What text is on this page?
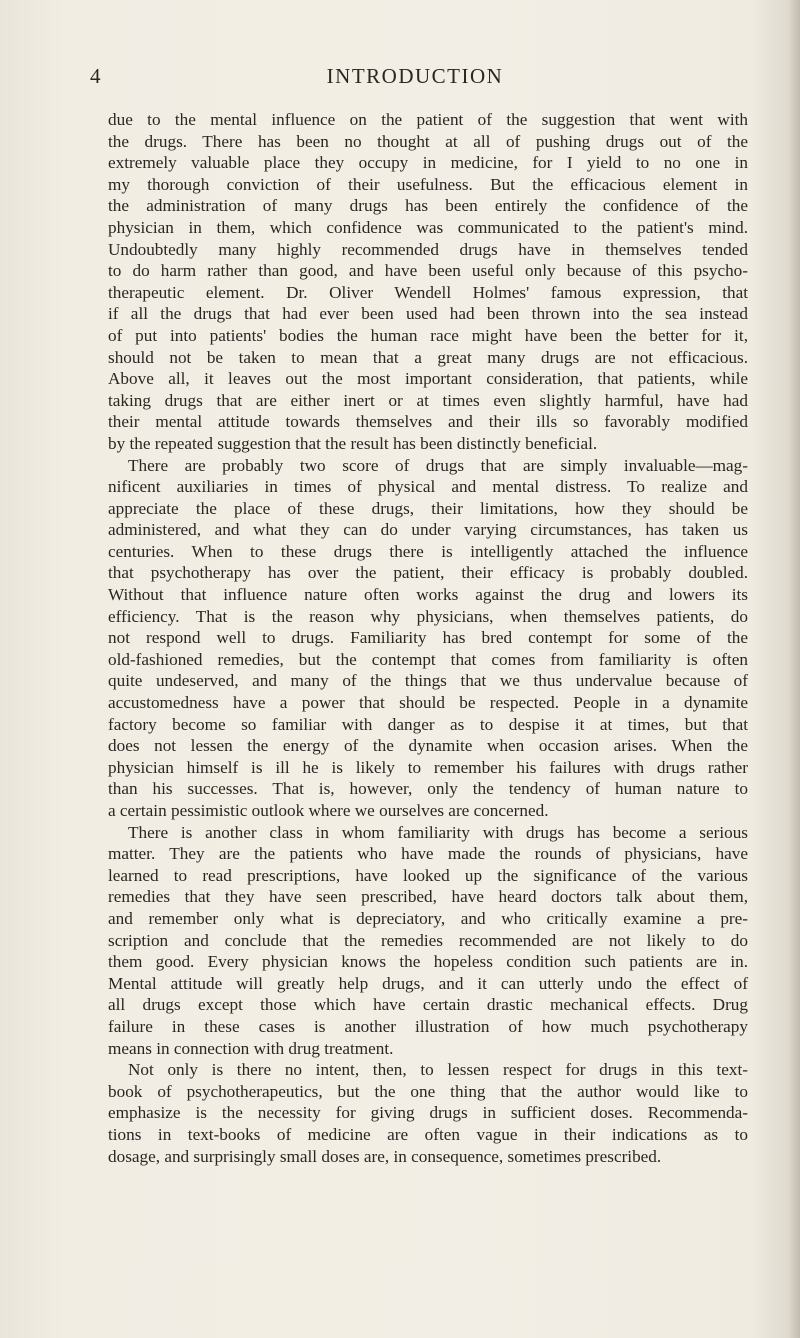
4	INTRODUCTION
due to the mental influence on the patient of the suggestion that went with
the drugs. There has been no thought at all of pushing drugs out of the
extremely valuable place they occupy in medicine, for I yield to no one in
my thorough conviction of their usefulness. But the efficacious element in
the administration of many drugs has been entirely the confidence of the
physician in them, which confidence was communicated to the patient's mind.
Undoubtedly many highly recommended drugs have in themselves tended
to do harm rather than good, and have been useful only because of this psycho-
therapeutic element. Dr. Oliver Wendell Holmes' famous expression, that
if all the drugs that had ever been used had been thrown into the sea instead
of put into patients' bodies the human race might have been the better for it,
should not be taken to mean that a great many drugs are not efficacious.
Above all, it leaves out the most important consideration, that patients, while
taking drugs that are either inert or at times even slightly harmful, have had
their mental attitude towards themselves and their ills so favorably modified
by the repeated suggestion that the result has been distinctly beneficial.
There are probably two score of drugs that are simply invaluable—mag-
nificent auxiliaries in times of physical and mental distress. To realize and
appreciate the place of these drugs, their limitations, how they should be
administered, and what they can do under varying circumstances, has taken us
centuries. When to these drugs there is intelligently attached the influence
that psychotherapy has over the patient, their efficacy is probably doubled.
Without that influence nature often works against the drug and lowers its
efficiency. That is the reason why physicians, when themselves patients, do
not respond well to drugs. Familiarity has bred contempt for some of the
old-fashioned remedies, but the contempt that comes from familiarity is often
quite undeserved, and many of the things that we thus undervalue because of
accustomedness have a power that should be respected. People in a dynamite
factory become so familiar with danger as to despise it at times, but that
does not lessen the energy of the dynamite when occasion arises. When the
physician himself is ill he is likely to remember his failures with drugs rather
than his successes. That is, however, only the tendency of human nature to
a certain pessimistic outlook where we ourselves are concerned.
There is another class in whom familiarity with drugs has become a serious
matter. They are the patients who have made the rounds of physicians, have
learned to read prescriptions, have looked up the significance of the various
remedies that they have seen prescribed, have heard doctors talk about them,
and remember only what is depreciatory, and who critically examine a pre-
scription and conclude that the remedies recommended are not likely to do
them good. Every physician knows the hopeless condition such patients are in.
Mental attitude will greatly help drugs, and it can utterly undo the effect of
all drugs except those which have certain drastic mechanical effects. Drug
failure in these cases is another illustration of how much psychotherapy
means in connection with drug treatment.
Not only is there no intent, then, to lessen respect for drugs in this text-
book of psychotherapeutics, but the one thing that the author would like to
emphasize is the necessity for giving drugs in sufficient doses. Recommenda-
tions in text-books of medicine are often vague in their indications as to
dosage, and surprisingly small doses are, in consequence, sometimes prescribed.
